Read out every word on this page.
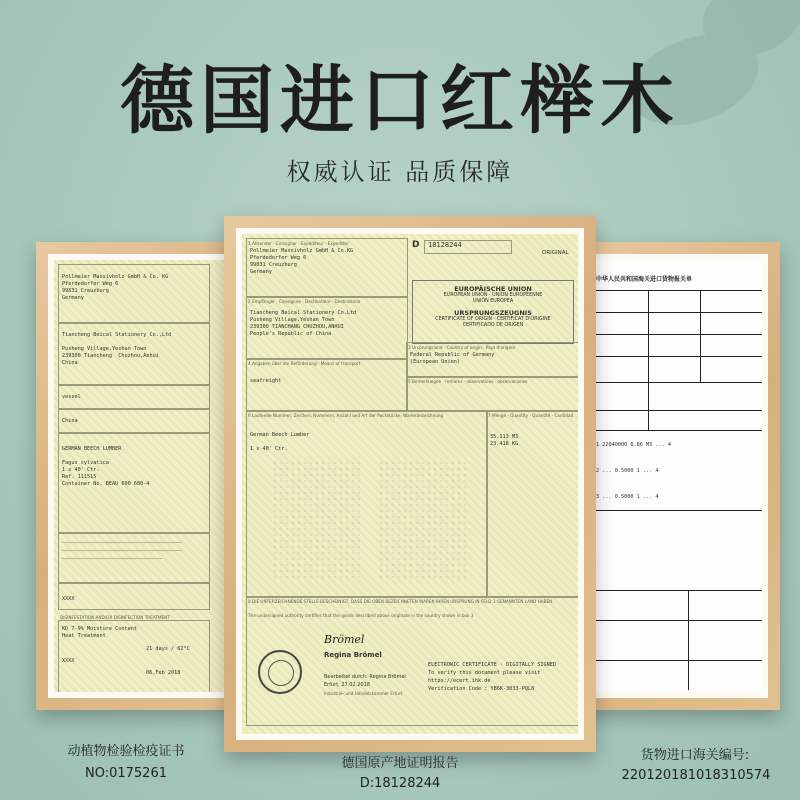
德国进口红榉木
权威认证 品质保障
Pollmeier Massivholz GmbH & Co. KG
Pferdedorfer Weg 6
99831 Creuzburg
Germany
Tiancheng Beical Stationery Co.,Ltd

Pusheng Village,Yeshan Town
239300 Tiancheng  Chuzhou,Anhui
China
vessel
China
GERMAN BEECH LUMBER

Fagus sylvatica
1 x 40' Ctr.
Ref. 111515
Container No. BEAU 600 680-4
XXXX
DISINFESTATION AND/OR DISINFECTION TREATMENT
KD 7-9% Moisture Content
Heat Treatment
21 days / 62°C
XXXX
06.Feb 2018
中华人民共和国海关进口货物报关单
1 22040000 6.86 M3 ... 4
2 ... 0.5000 1 ... 4
3 ... 0.5000 1 ... 4
1 Absender · Consignor · Expéditeur · Expedidor
Pollmeier Massivholz GmbH & Co.KG
Pferdedorfer Weg 6
99831 Creuzburg
Germany
D 18128244
ORIGINAL
EUROPÄISCHE UNION
EUROPEAN UNION · UNION EUROPÉENNE
UNIÓN EUROPEA
URSPRUNGSZEUGNIS
CERTIFICATE OF ORIGIN · CERTIFICAT D'ORIGINE
CERTIFICADO DE ORIGEN
2 Empfänger · Consignee · Destinataire · Destinatario
Tiancheng Beical Stationery Co.Ltd
Pusheng Village,Yeshan Town
239300 TIANCHANG CHUZHOU,ANHUI
People's Republic of China
3 Ursprungsland · Country of origin · Pays d'origine
Federal Republic of Germany
(European Union)
4 Angaben über die Beförderung · Means of transport
seafreight	5 Bemerkungen · remarks · observations · observaciones
6 Laufende Nummer, Zeichen, Nummern, Anzahl und Art der Packstücke, Warenbezeichnung
German Beech Lumber

1 x 40' Ctr.
7 Menge · Quantity · Quantité · Cantidad
35.113 M3
23.418 KG
8 DIE UNTERZEICHNENDE STELLE BESCHEINIGT, DASS DIE OBEN BEZEICHNETEN WAREN IHREN URSPRUNG IN FELD 3 GENANNTEN LAND HABEN.
The undersigned authority certifies that the goods described above originate in the country shown in box 3
Brömel
Regina Brömel
Bearbeitet durch: Regina Brömel
Erfurt, 27.02.2018
Industrie- und Handelskammer Erfurt
ELECTRONIC CERTIFICATE · DIGITALLY SIGNED
To verify this document please visit
https://ecert.ihk.de
Verification Code : YB6K-3033-PQL8
动植物检验检疫证书
NO:0175261
德国原产地证明报告
D:18128244
货物进口海关编号:
220120181018310574
